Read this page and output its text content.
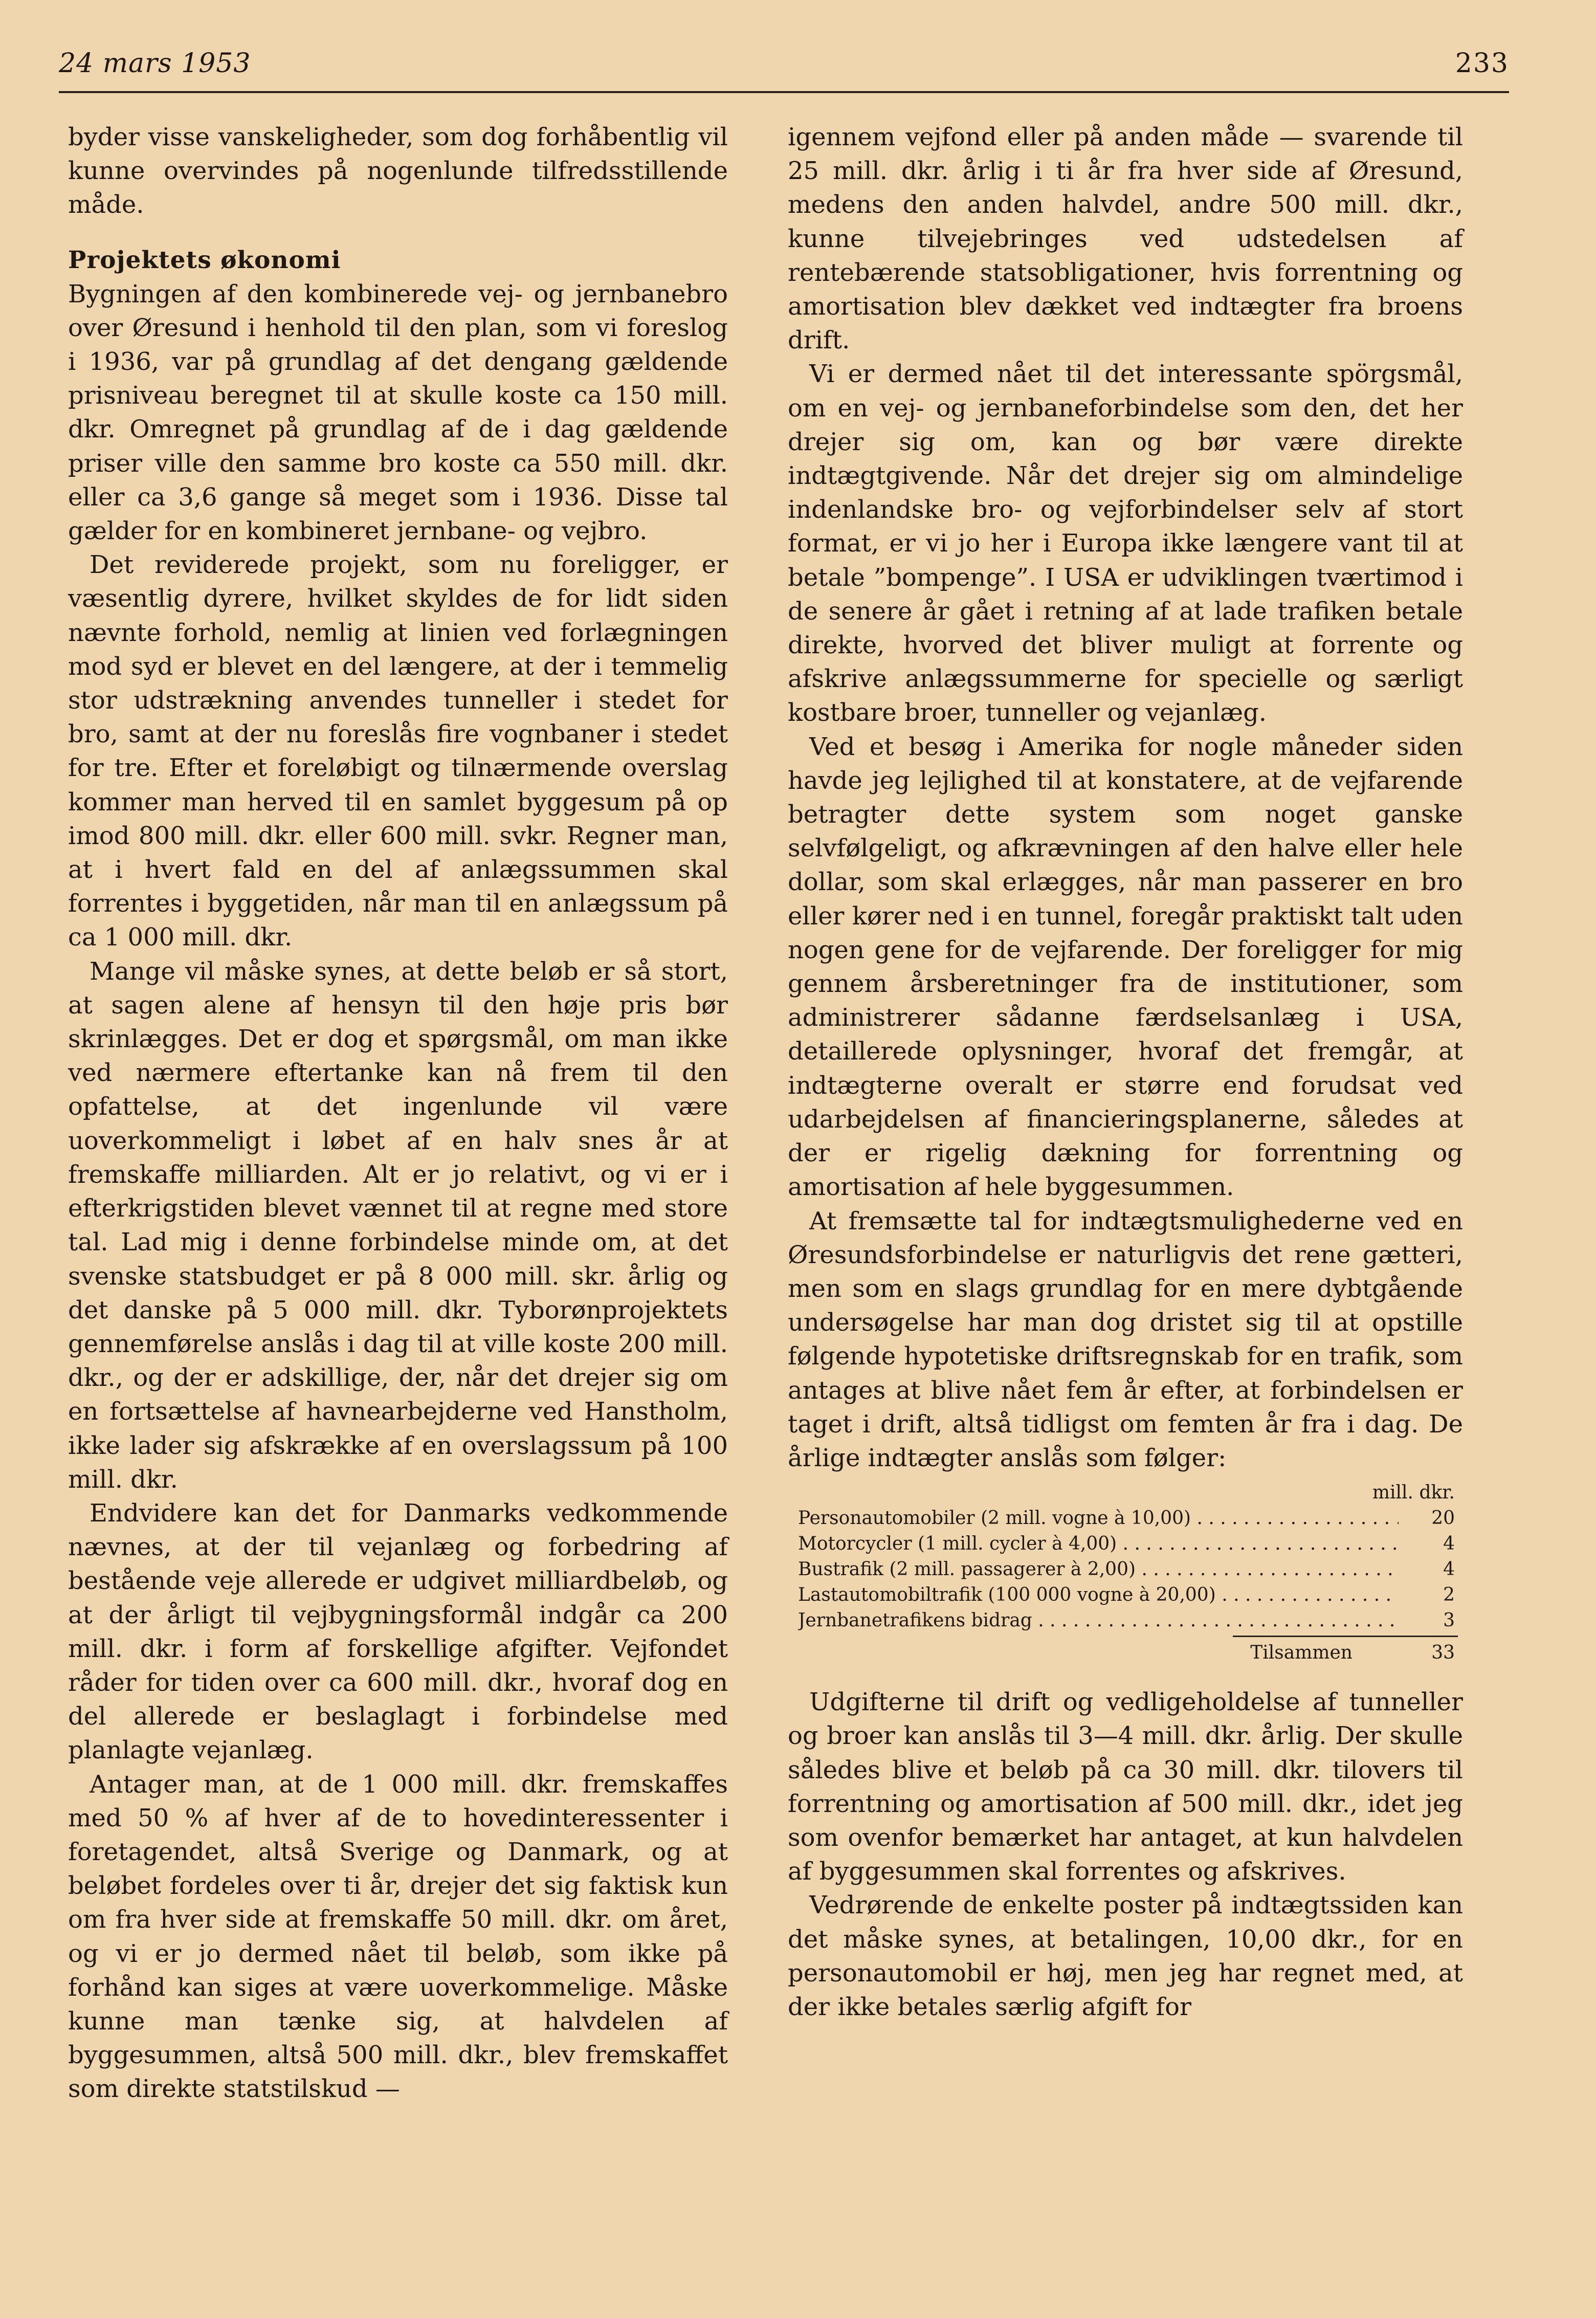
24 mars 1953	233

byder visse vanskeligheder, som dog forhåbentlig vil kunne overvindes på nogenlunde tilfredsstillende måde.

Projektets økonomi

Bygningen af den kombinerede vej- og jernbanebro over Øresund i henhold til den plan, som vi foreslog i 1936, var på grundlag af det dengang gældende prisniveau beregnet til at skulle koste ca 150 mill. dkr. Omregnet på grundlag af de i dag gældende priser ville den samme bro koste ca 550 mill. dkr. eller ca 3,6 gange så meget som i 1936. Disse tal gælder for en kombineret jernbane- og vejbro.

Det reviderede projekt, som nu foreligger, er væsentlig dyrere, hvilket skyldes de for lidt siden nævnte forhold, nemlig at linien ved forlægningen mod syd er blevet en del længere, at der i temmelig stor udstrækning anvendes tunneller i stedet for bro, samt at der nu foreslås fire vognbaner i stedet for tre. Efter et foreløbigt og tilnærmende overslag kommer man herved til en samlet byggesum på op imod 800 mill. dkr. eller 600 mill. svkr. Regner man, at i hvert fald en del af anlægssummen skal forrentes i byggetiden, når man til en anlægssum på ca 1 000 mill. dkr.

Mange vil måske synes, at dette beløb er så stort, at sagen alene af hensyn til den høje pris bør skrinlægges. Det er dog et spørgsmål, om man ikke ved nærmere eftertanke kan nå frem til den opfattelse, at det ingenlunde vil være uoverkommeligt i løbet af en halv snes år at fremskaffe milliarden. Alt er jo relativt, og vi er i efterkrigstiden blevet vænnet til at regne med store tal. Lad mig i denne forbindelse minde om, at det svenske statsbudget er på 8 000 mill. skr. årlig og det danske på 5 000 mill. dkr. Tyborønprojektets gennemførelse anslås i dag til at ville koste 200 mill. dkr., og der er adskillige, der, når det drejer sig om en fortsættelse af havnearbejderne ved Hanstholm, ikke lader sig afskrække af en overslagssum på 100 mill. dkr.

Endvidere kan det for Danmarks vedkommende nævnes, at der til vejanlæg og forbedring af bestående veje allerede er udgivet milliardbeløb, og at der årligt til vejbygningsformål indgår ca 200 mill. dkr. i form af forskellige afgifter. Vejfondet råder for tiden over ca 600 mill. dkr., hvoraf dog en del allerede er beslaglagt i forbindelse med planlagte vejanlæg.

Antager man, at de 1 000 mill. dkr. fremskaffes med 50 % af hver af de to hovedinteressenter i foretagendet, altså Sverige og Danmark, og at beløbet fordeles over ti år, drejer det sig faktisk kun om fra hver side at fremskaffe 50 mill. dkr. om året, og vi er jo dermed nået til beløb, som ikke på forhånd kan siges at være uoverkommelige. Måske kunne man tænke sig, at halvdelen af byggesummen, altså 500 mill. dkr., blev fremskaffet som direkte statstilskud —

igennem vejfond eller på anden måde — svarende til 25 mill. dkr. årlig i ti år fra hver side af Øresund, medens den anden halvdel, andre 500 mill. dkr., kunne tilvejebringes ved udstedelsen af rentebærende statsobligationer, hvis forrentning og amortisation blev dækket ved indtægter fra broens drift.

Vi er dermed nået til det interessante spörgsmål, om en vej- og jernbaneforbindelse som den, det her drejer sig om, kan og bør være direkte indtægtgivende. Når det drejer sig om almindelige indenlandske bro- og vejforbindelser selv af stort format, er vi jo her i Europa ikke længere vant til at betale ”bompenge”. I USA er udviklingen tværtimod i de senere år gået i retning af at lade trafiken betale direkte, hvorved det bliver muligt at forrente og afskrive anlægssummerne for specielle og særligt kostbare broer, tunneller og vejanlæg.

Ved et besøg i Amerika for nogle måneder siden havde jeg lejlighed til at konstatere, at de vejfarende betragter dette system som noget ganske selvfølgeligt, og afkrævningen af den halve eller hele dollar, som skal erlægges, når man passerer en bro eller kører ned i en tunnel, foregår praktiskt talt uden nogen gene for de vejfarende. Der foreligger for mig gennem årsberetninger fra de institutioner, som administrerer sådanne færdselsanlæg i USA, detaillerede oplysninger, hvoraf det fremgår, at indtægterne overalt er større end forudsat ved udarbejdelsen af financieringsplanerne, således at der er rigelig dækning for forrentning og amortisation af hele byggesummen.

At fremsætte tal for indtægtsmulighederne ved en Øresundsforbindelse er naturligvis det rene gætteri, men som en slags grundlag for en mere dybtgående undersøgelse har man dog dristet sig til at opstille følgende hypotetiske driftsregnskab for en trafik, som antages at blive nået fem år efter, at forbindelsen er taget i drift, altså tidligst om femten år fra i dag. De årlige indtægter anslås som følger:

mill. dkr.
Personautomobiler (2 mill. vogne à 10,00) . . .	20
Motorcycler (1 mill. cycler à 4,00) . . .	4
Bustrafik (2 mill. passagerer à 2,00) . . .	4
Lastautomobiltrafik (100 000 vogne à 20,00) . . .	2
Jernbanetrafikens bidrag . . .	3
Tilsammen	33

Udgifterne til drift og vedligeholdelse af tunneller og broer kan anslås til 3—4 mill. dkr. årlig. Der skulle således blive et beløb på ca 30 mill. dkr. tilovers til forrentning og amortisation af 500 mill. dkr., idet jeg som ovenfor bemærket har antaget, at kun halvdelen af byggesummen skal forrentes og afskrives.

Vedrørende de enkelte poster på indtægtssiden kan det måske synes, at betalingen, 10,00 dkr., for en personautomobil er høj, men jeg har regnet med, at der ikke betales særlig afgift for
